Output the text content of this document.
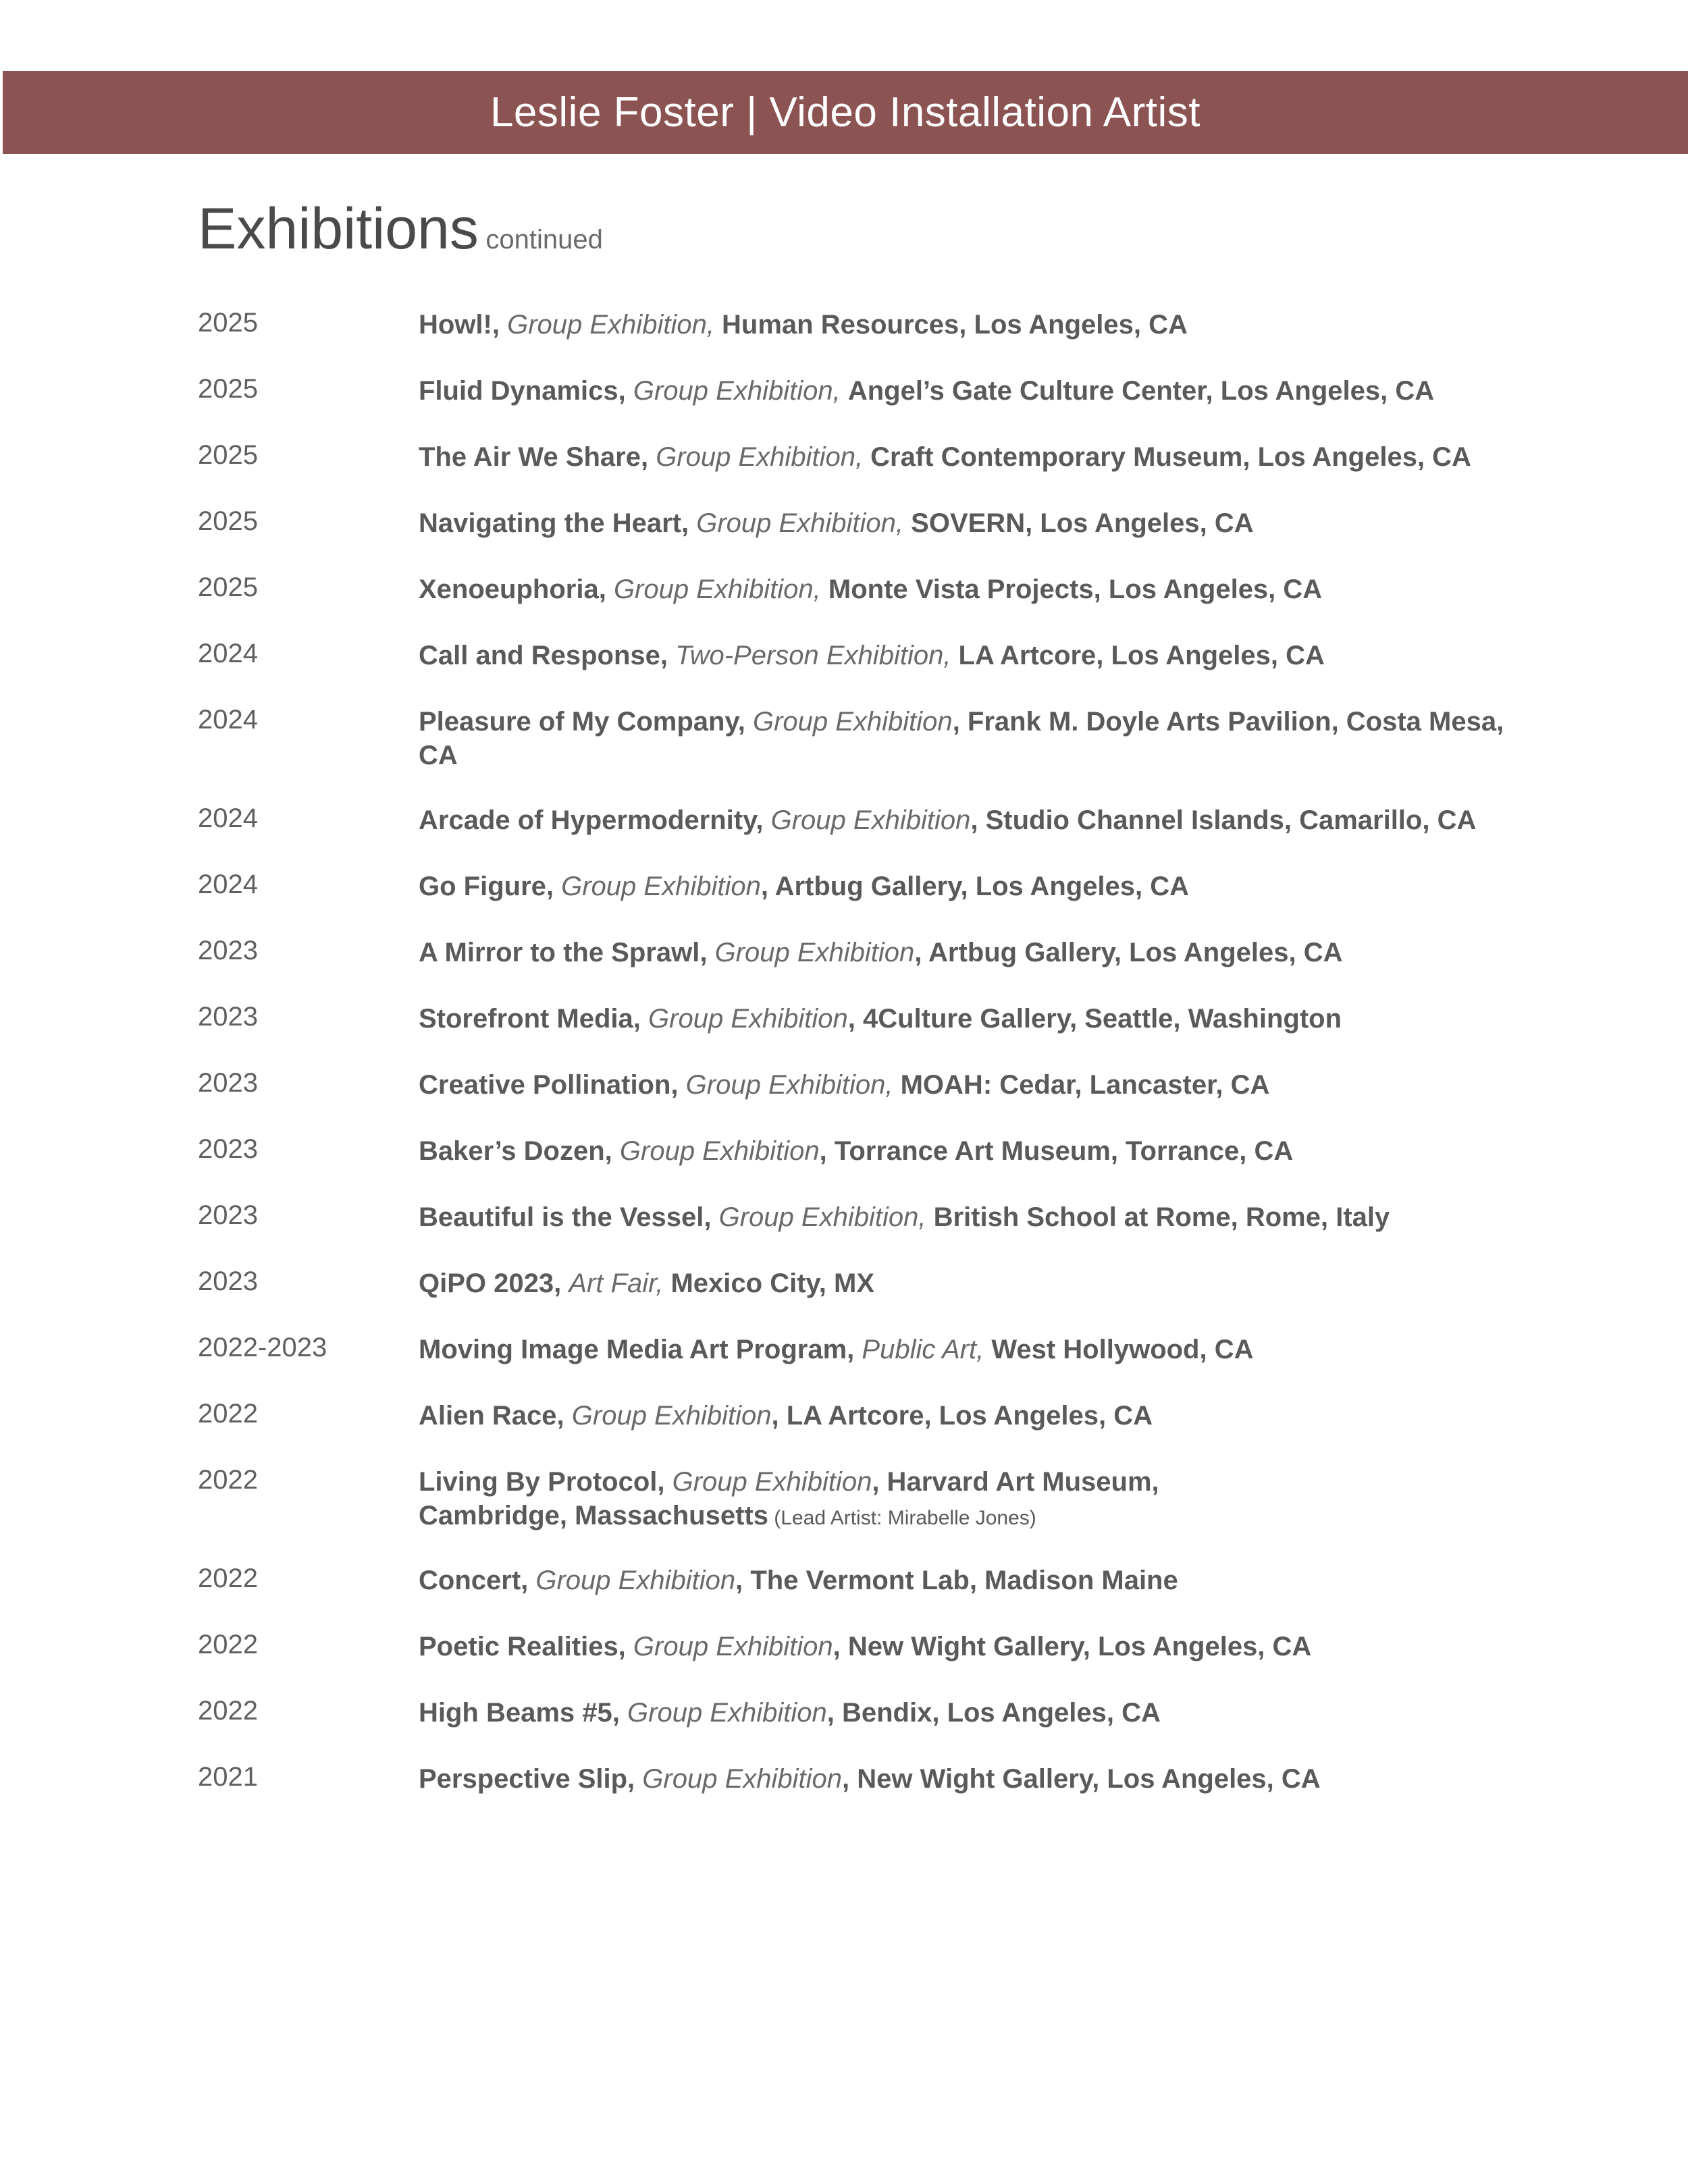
Leslie Foster | Video Installation Artist
Exhibitions continued
2025	Howl!, Group Exhibition, Human Resources, Los Angeles, CA
2025	Fluid Dynamics, Group Exhibition, Angel’s Gate Culture Center, Los Angeles, CA
2025	The Air We Share, Group Exhibition, Craft Contemporary Museum, Los Angeles, CA
2025	Navigating the Heart, Group Exhibition, SOVERN, Los Angeles, CA
2025	Xenoeuphoria, Group Exhibition, Monte Vista Projects, Los Angeles, CA
2024	Call and Response, Two-Person Exhibition, LA Artcore, Los Angeles, CA
2024	Pleasure of My Company, Group Exhibition, Frank M. Doyle Arts Pavilion, Costa Mesa, CA
2024	Arcade of Hypermodernity, Group Exhibition, Studio Channel Islands, Camarillo, CA
2024	Go Figure, Group Exhibition, Artbug Gallery, Los Angeles, CA
2023	A Mirror to the Sprawl, Group Exhibition, Artbug Gallery, Los Angeles, CA
2023	Storefront Media, Group Exhibition, 4Culture Gallery, Seattle, Washington
2023	Creative Pollination, Group Exhibition, MOAH: Cedar, Lancaster, CA
2023	Baker’s Dozen, Group Exhibition, Torrance Art Museum, Torrance, CA
2023	Beautiful is the Vessel, Group Exhibition, British School at Rome, Rome, Italy
2023	QiPO 2023, Art Fair, Mexico City, MX
2022-2023	Moving Image Media Art Program, Public Art, West Hollywood, CA
2022	Alien Race, Group Exhibition, LA Artcore, Los Angeles, CA
2022	Living By Protocol, Group Exhibition, Harvard Art Museum, Cambridge, Massachusetts (Lead Artist: Mirabelle Jones)
2022	Concert, Group Exhibition, The Vermont Lab, Madison Maine
2022	Poetic Realities, Group Exhibition, New Wight Gallery, Los Angeles, CA
2022	High Beams #5, Group Exhibition, Bendix, Los Angeles, CA
2021	Perspective Slip, Group Exhibition, New Wight Gallery, Los Angeles, CA
